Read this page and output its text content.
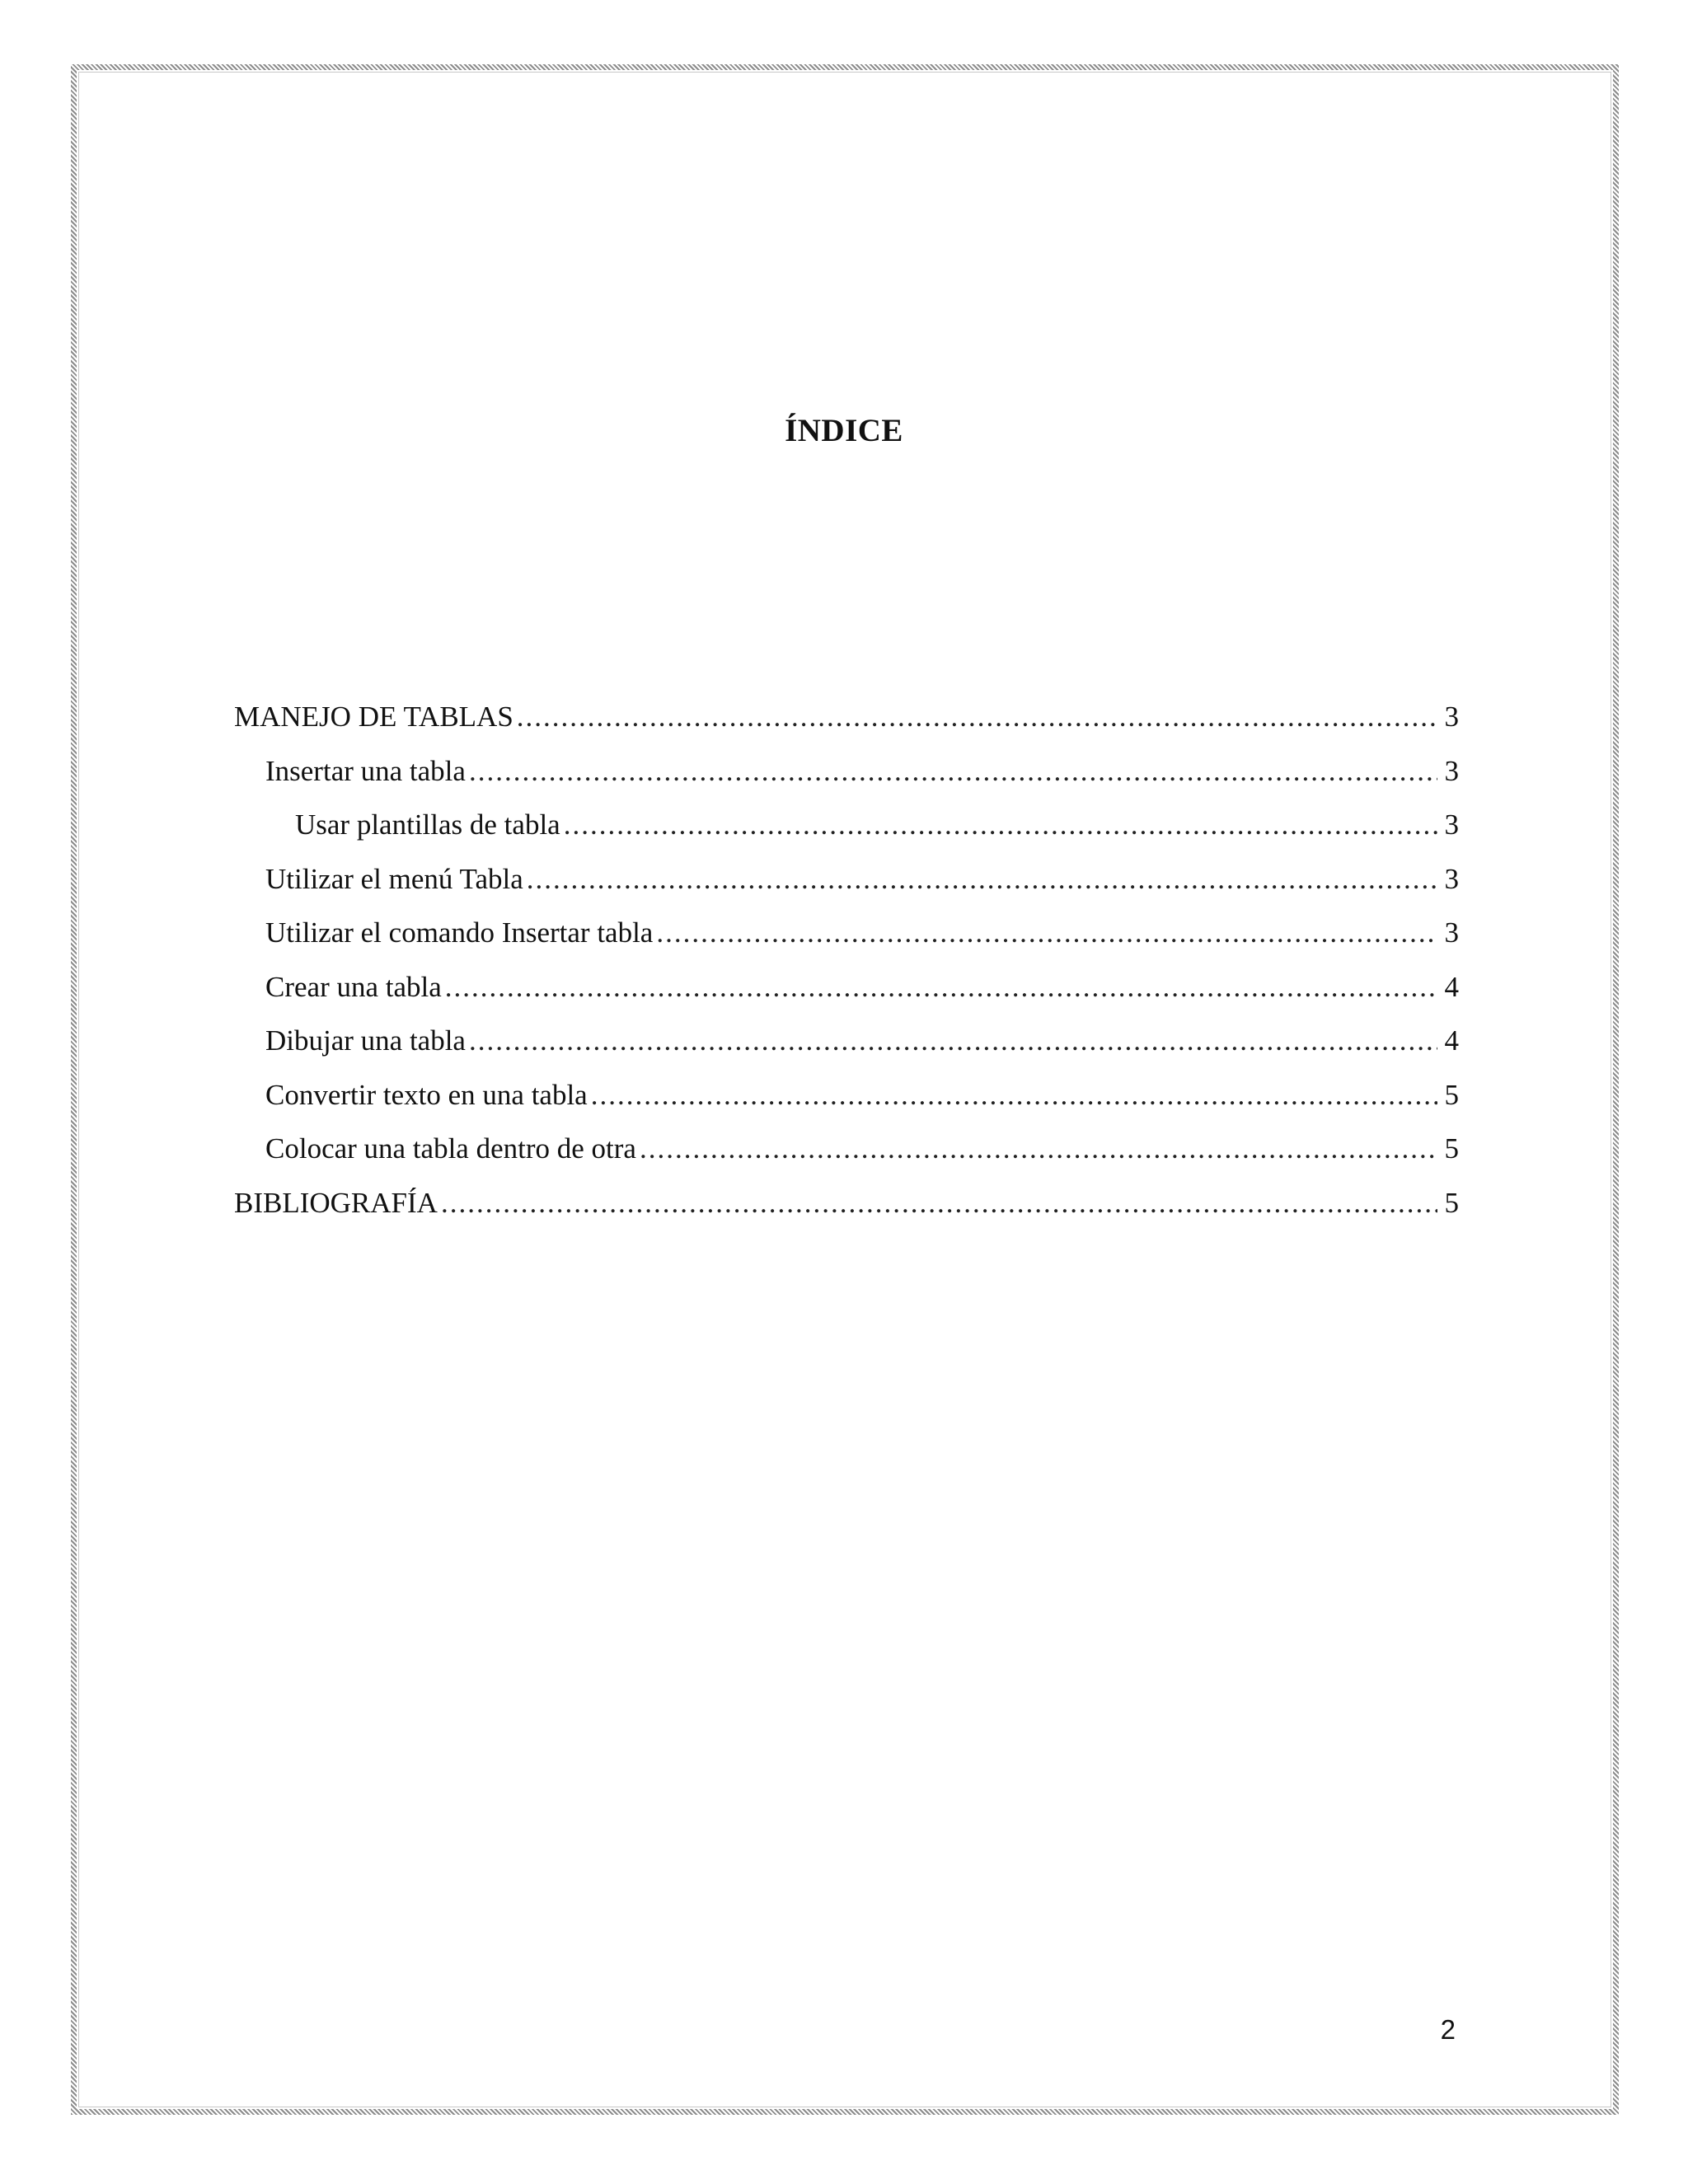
ÍNDICE
MANEJO DE TABLAS .....	3
Insertar una tabla .....	3
Usar plantillas de tabla .....	3
Utilizar el menú Tabla .....	3
Utilizar el comando Insertar tabla .....	3
Crear una tabla .....	4
Dibujar una tabla .....	4
Convertir texto en una tabla .....	5
Colocar una tabla dentro de otra .....	5
BIBLIOGRAFÍA .....	5
2
